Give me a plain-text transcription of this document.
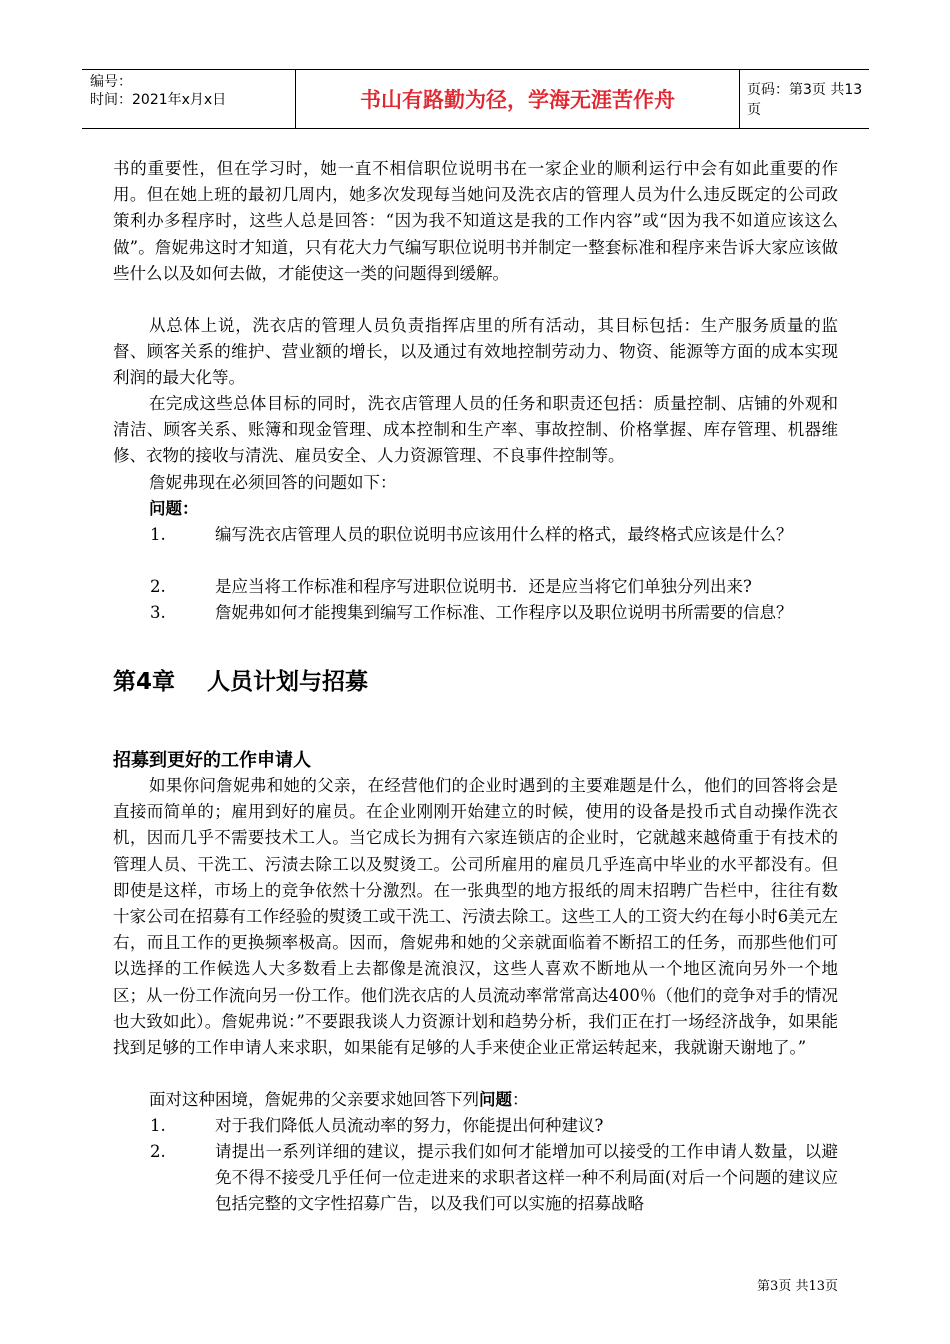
编号：
时间：2021年x月x日	书山有路勤为径，学海无涯苦作舟	页码：第3页 共13页
书的重要性，但在学习时，她一直不相信职位说明书在一家企业的顺利运行中会有如此重要的作用。但在她上班的最初几周内，她多次发现每当她问及洗衣店的管理人员为什么违反既定的公司政策利办多程序时，这些人总是回答：“因为我不知道这是我的工作内容”或“因为我不如道应该这么做”。詹妮弗这时才知道，只有花大力气编写职位说明书并制定一整套标准和程序来告诉大家应该做些什么以及如何去做，才能使这一类的问题得到缓解。
从总体上说，洗衣店的管理人员负责指挥店里的所有活动，其目标包括：生产服务质量的监督、顾客关系的维护、营业额的增长，以及通过有效地控制劳动力、物资、能源等方面的成本实现利润的最大化等。
在完成这些总体目标的同时，洗衣店管理人员的任务和职责还包括：质量控制、店铺的外观和清洁、顾客关系、账簿和现金管理、成本控制和生产率、事故控制、价格掌握、库存管理、机器维修、衣物的接收与清洗、雇员安全、人力资源管理、不良事件控制等。
詹妮弗现在必须回答的问题如下：
问题：
1.	编写洗衣店管理人员的职位说明书应该用什么样的格式，最终格式应该是什么？
2.	是应当将工作标准和程序写进职位说明书．还是应当将它们单独分列出来?
3.	詹妮弗如何才能搜集到编写工作标准、工作程序以及职位说明书所需要的信息？
第4章    人员计划与招募
招募到更好的工作申请人
如果你问詹妮弗和她的父亲，在经营他们的企业时遇到的主要难题是什么，他们的回答将会是直接而简单的；雇用到好的雇员。在企业刚刚开始建立的时候，使用的设备是投币式自动操作洗衣机，因而几乎不需要技术工人。当它成长为拥有六家连锁店的企业时，它就越来越倚重于有技术的管理人员、干洗工、污渍去除工以及熨烫工。公司所雇用的雇员几乎连高中毕业的水平都没有。但即使是这样，市场上的竞争依然十分激烈。在一张典型的地方报纸的周末招聘广告栏中，往往有数十家公司在招募有工作经验的熨烫工或干洗工、污渍去除工。这些工人的工资大约在每小时6美元左右，而且工作的更换频率极高。因而，詹妮弗和她的父亲就面临着不断招工的任务，而那些他们可以选择的工作候选人大多数看上去都像是流浪汉，这些人喜欢不断地从一个地区流向另外一个地区；从一份工作流向另一份工作。他们洗衣店的人员流动率常常高达400％（他们的竞争对手的情况也大致如此）。詹妮弗说：”不要跟我谈人力资源计划和趋势分析，我们正在打一场经济战争，如果能找到足够的工作申请人来求职，如果能有足够的人手来使企业正常运转起来，我就谢天谢地了。”
面对这种困境，詹妮弗的父亲要求她回答下列问题：
1.	对于我们降低人员流动率的努力，你能提出何种建议?
2.	请提出一系列详细的建议，提示我们如何才能增加可以接受的工作申请人数量，以避免不得不接受几乎任何一位走进来的求职者这样一种不利局面(对后一个问题的建议应包括完整的文字性招募广告，以及我们可以实施的招募战略
第3页 共13页
